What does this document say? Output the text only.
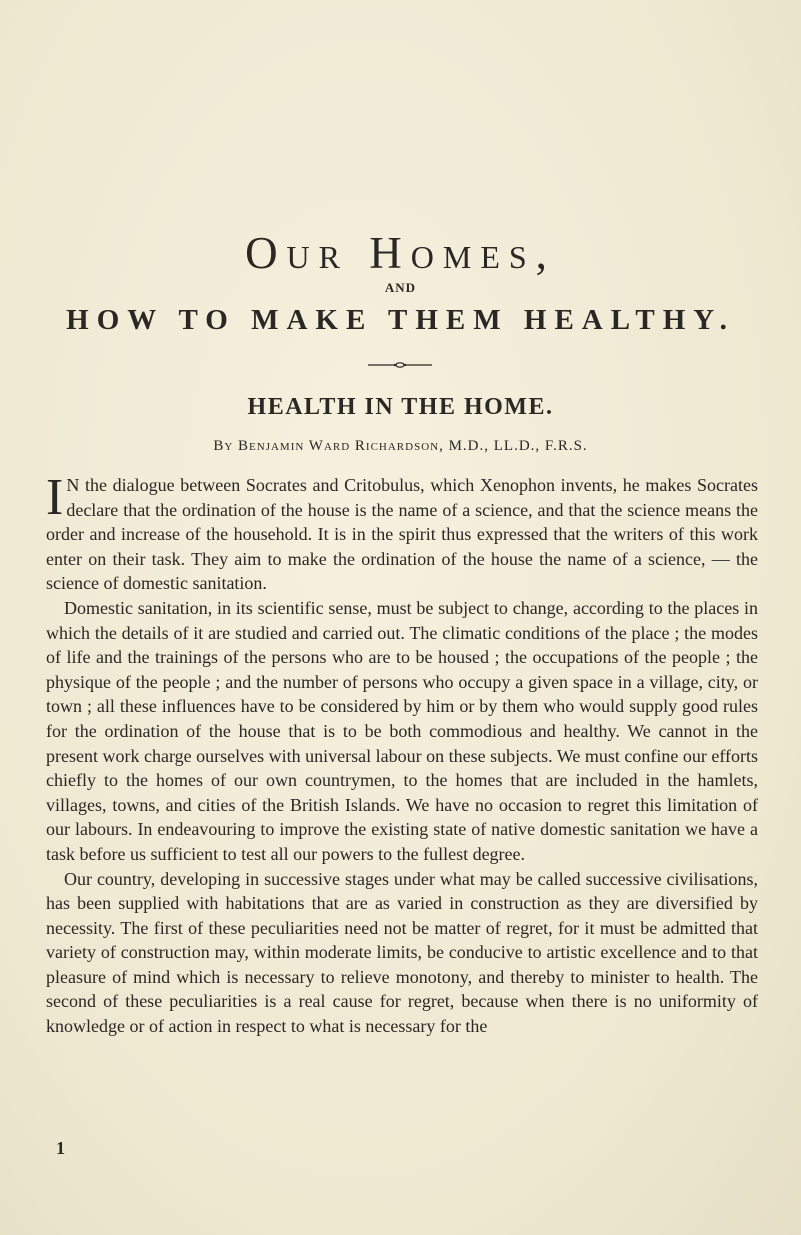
Our Homes,
AND
HOW TO MAKE THEM HEALTHY.
HEALTH IN THE HOME.
By Benjamin Ward Richardson, M.D., LL.D., F.R.S.

I N the dialogue between Socrates and Critobulus, which Xenophon invents, he makes Socrates declare that the ordination of the house is the name of a science, and that the science means the order and increase of the household. It is in the spirit thus expressed that the writers of this work enter on their task. They aim to make the ordination of the house the name of a science, — the science of domestic sanitation.

Domestic sanitation, in its scientific sense, must be subject to change, according to the places in which the details of it are studied and carried out. The climatic conditions of the place ; the modes of life and the trainings of the persons who are to be housed ; the occupations of the people ; the physique of the people ; and the number of persons who occupy a given space in a village, city, or town ; all these influences have to be considered by him or by them who would supply good rules for the ordination of the house that is to be both commodious and healthy. We cannot in the present work charge ourselves with universal labour on these subjects. We must confine our efforts chiefly to the homes of our own countrymen, to the homes that are included in the hamlets, villages, towns, and cities of the British Islands. We have no occasion to regret this limitation of our labours. In endeavouring to improve the existing state of native domestic sanitation we have a task before us sufficient to test all our powers to the fullest degree.

Our country, developing in successive stages under what may be called successive civilisations, has been supplied with habitations that are as varied in construction as they are diversified by necessity. The first of these peculiarities need not be matter of regret, for it must be admitted that variety of construction may, within moderate limits, be conducive to artistic excellence and to that pleasure of mind which is necessary to relieve monotony, and thereby to minister to health. The second of these peculiarities is a real cause for regret, because when there is no uniformity of knowledge or of action in respect to what is necessary for the

1
